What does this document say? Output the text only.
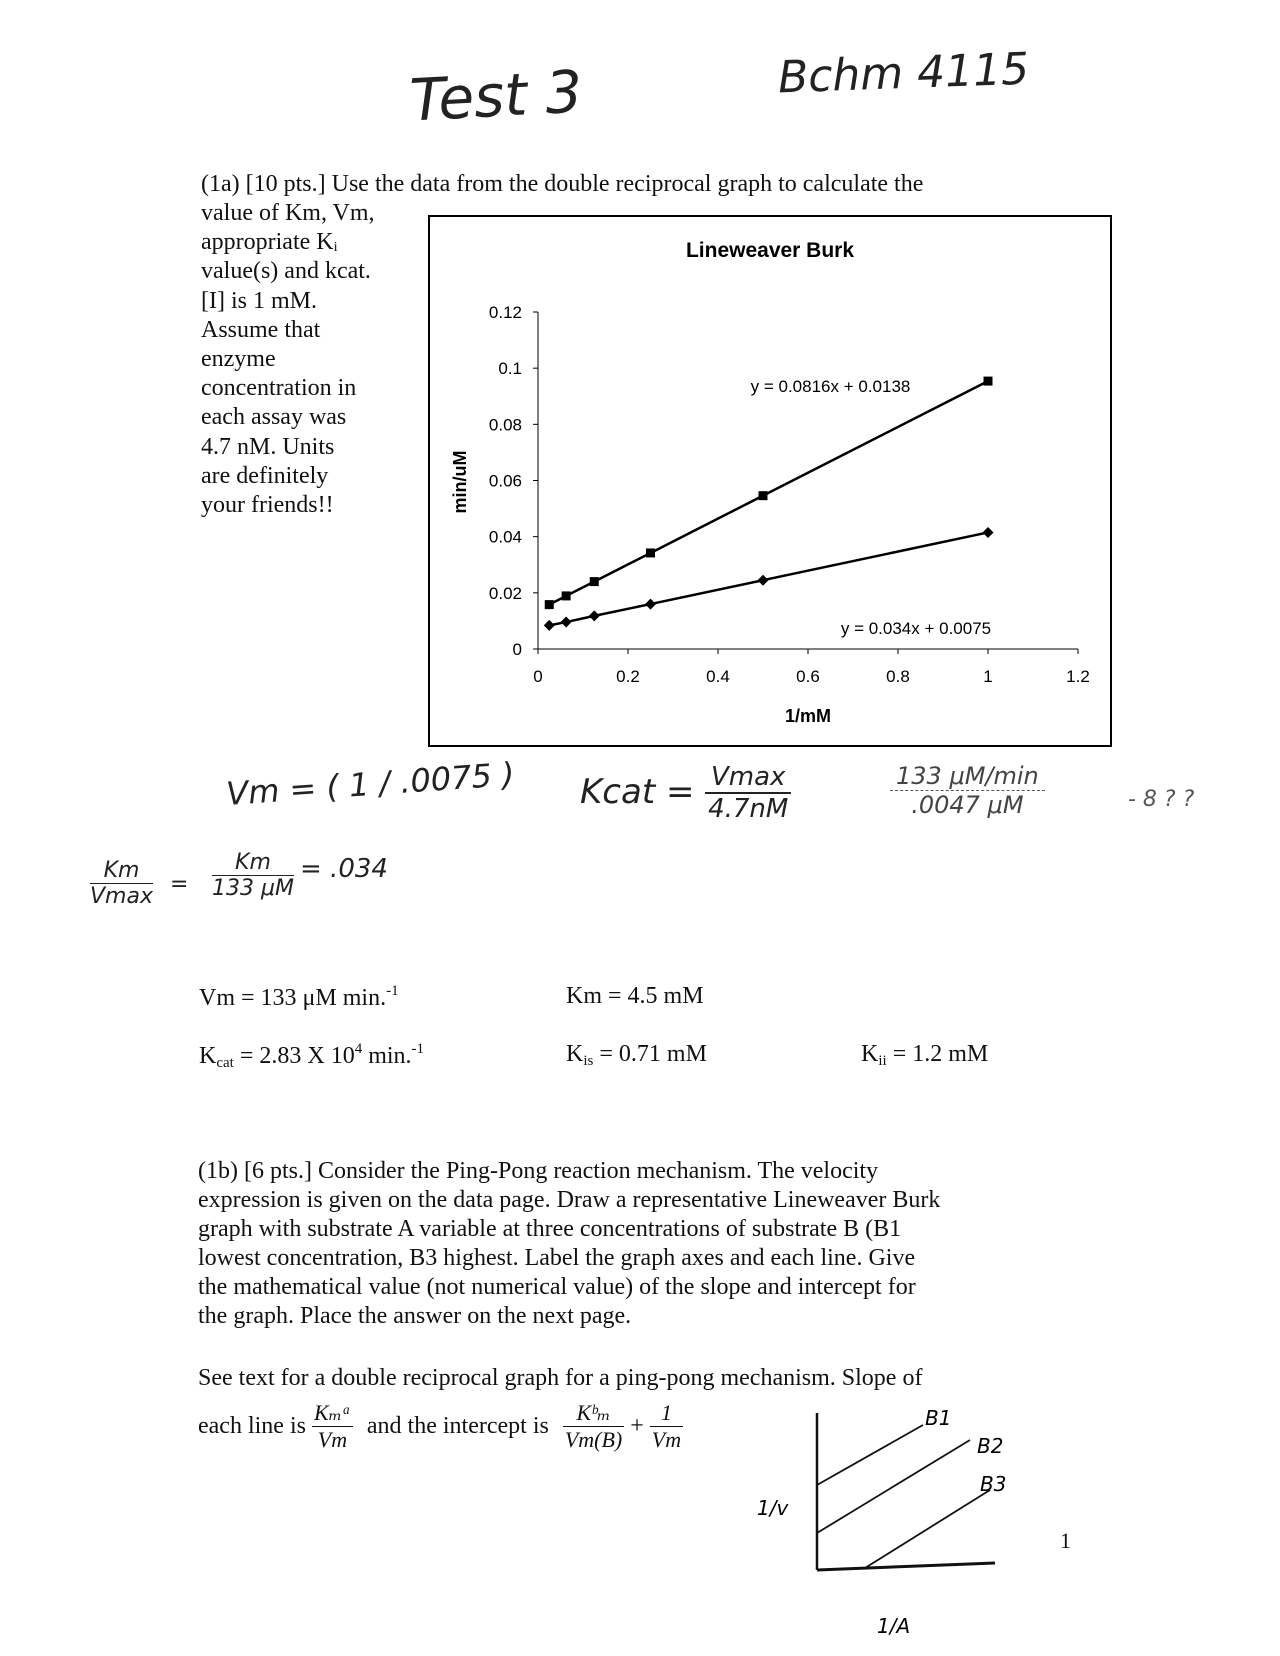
Test 3	Bchm 4115
(1a) [10 pts.] Use the data from the double reciprocal graph to calculate the
value of Km, Vm,
appropriate Kᵢ
value(s) and kcat.
[I] is 1 mM.
Assume that
enzyme
concentration in
each assay was
4.7 nM. Units
are definitely
your friends!!
Lineweaver Burk
min/uM
1/mM
0
0.02
0.04
0.06
0.08
0.1
0.12
0	0.2	0.4	0.6	0.8	1	1.2
y = 0.0816x + 0.0138
y = 0.034x + 0.0075
Vm = ( 1 / .0075 ) Kcat = Vmax
4.7nM
133 μM/min
.0047 μM	- 8 ? ?
Km
$Vmax = \frac{Km}{133 \mu M} = .034$
Vm = 133 μM min.$^{-1}$	Km = 4.5 mM
$K_{cat} = 2.83$ X $10^4$ min.$^{-1}$	$K_{is} = 0.71$ mM	$K_{ii} = 1.2$ mM
(1b) [6 pts.] Consider the Ping-Pong reaction mechanism. The velocity
expression is given on the data page. Draw a representative Lineweaver Burk
graph with substrate A variable at three concentrations of substrate B (B1
lowest concentration, B3 highest. Label the graph axes and each line. Give
the mathematical value (not numerical value) of the slope and intercept for
the graph. Place the answer on the next page.
See text for a double reciprocal graph for a ping-pong mechanism. Slope of
each line is $\frac{\text{Kₘᵃ}}{Vm}$ and the intercept is $\frac{\text{Kᵇₘ}}{Vm(B)} + \frac{1}{Vm}$	B1
B2
B3
1/v
1/A
1
